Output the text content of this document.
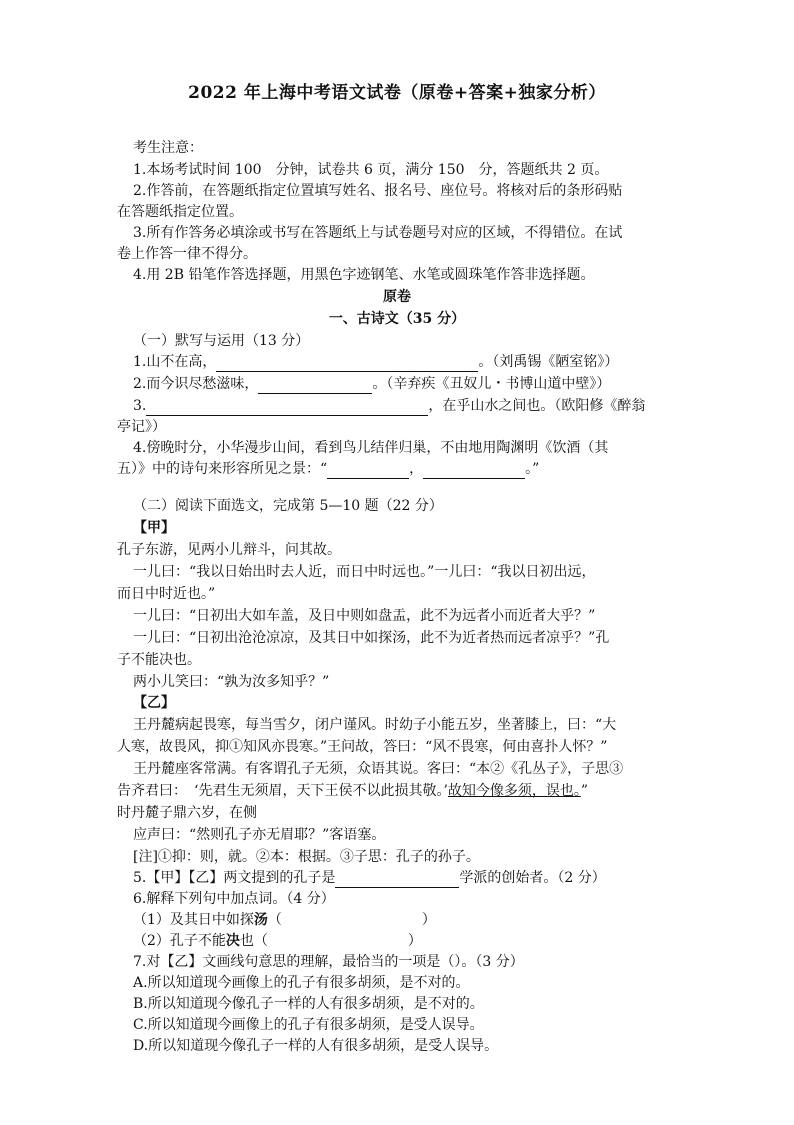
2022 年上海中考语文试卷（原卷+答案+独家分析）
考生注意：
1.本场考试时间 100　分钟，试卷共 6 页，满分 150　分，答题纸共 2 页。
2.作答前，在答题纸指定位置填写姓名、报名号、座位号。将核对后的条形码贴
在答题纸指定位置。
3.所有作答务必填涂或书写在答题纸上与试卷题号对应的区域，不得错位。在试
卷上作答一律不得分。
4.用 2B 铅笔作答选择题，用黑色字迹钢笔、水笔或圆珠笔作答非选择题。
原卷
一、古诗文（35 分）
（一）默写与运用（13 分）
1.山不在高，	。（刘禹锡《陋室铭》）
2.而今识尽愁滋味，	。（辛弃疾《丑奴儿・书博山道中壁》）
3.	，在乎山水之间也。（欧阳修《醉翁
亭记》）
4.傍晚时分，小华漫步山间，看到鸟儿结伴归巢，不由地用陶渊明《饮酒（其
五）》中的诗句来形容所见之景：“	，	。”
（二）阅读下面选文，完成第 5—10 题（22 分）
【甲】
孔子东游，见两小儿辩斗，问其故。
一儿曰：“我以日始出时去人近，而日中时远也。”一儿曰：“我以日初出远，
而日中时近也。”
一儿曰：“日初出大如车盖，及日中则如盘盂，此不为远者小而近者大乎？”
一儿曰：“日初出沧沧凉凉，及其日中如探汤，此不为近者热而远者凉乎？”孔
子不能决也。
两小儿笑曰：“孰为汝多知乎？”
【乙】
王丹麓病起畏寒，每当雪夕，闭户谨风。时幼子小能五岁，坐著膝上，曰：“大
人寒，故畏风，抑①知风亦畏寒。”王问故，答曰：“风不畏寒，何由喜扑人怀？”
王丹麓座客常满。有客谓孔子无须，众语其说。客曰：“本②《孔丛子》，子思③
告齐君曰：　‘先君生无须眉，天下王侯不以此损其敬。’故知今像多须，误也。”
时丹麓子鼎六岁，在侧
应声曰：“然则孔子亦无眉耶？”客语塞。
[注]①抑：则，就。②本：根据。③子思：孔子的孙子。
5.【甲】【乙】两文提到的孔子是	学派的创始者。（2 分）
6.解释下列句中加点词。（4 分）
（1）及其日中如探汤（　　　　　　　　　　）
（2）孔子不能决也（　　　　　　　　　　）
7.对【乙】文画线句意思的理解，最恰当的一项是（）。（3 分）
A.所以知道现今画像上的孔子有很多胡须，是不对的。
B.所以知道现今像孔子一样的人有很多胡须，是不对的。
C.所以知道现今画像上的孔子有很多胡须，是受人误导。
D.所以知道现今像孔子一样的人有很多胡须，是受人误导。
